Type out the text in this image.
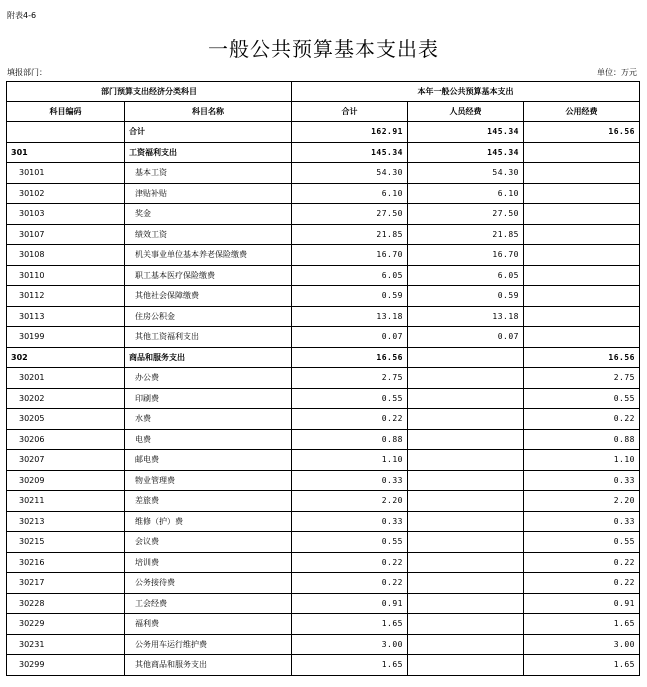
附表4-6
一般公共预算基本支出表
填报部门：	单位：万元
部门预算支出经济分类科目		本年一般公共预算基本支出		
科目编码	科目名称	合计	人员经费	公用经费
	合计	162.91	145.34	16.56
301	工资福利支出	145.34	145.34	
30101	基本工资	54.30	54.30	
30102	津贴补贴	6.10	6.10	
30103	奖金	27.50	27.50	
30107	绩效工资	21.85	21.85	
30108	机关事业单位基本养老保险缴费	16.70	16.70	
30110	职工基本医疗保险缴费	6.05	6.05	
30112	其他社会保障缴费	0.59	0.59	
30113	住房公积金	13.18	13.18	
30199	其他工资福利支出	0.07	0.07	
302	商品和服务支出	16.56		16.56
30201	办公费	2.75		2.75
30202	印刷费	0.55		0.55
30205	水费	0.22		0.22
30206	电费	0.88		0.88
30207	邮电费	1.10		1.10
30209	物业管理费	0.33		0.33
30211	差旅费	2.20		2.20
30213	维修（护）费	0.33		0.33
30215	会议费	0.55		0.55
30216	培训费	0.22		0.22
30217	公务接待费	0.22		0.22
30228	工会经费	0.91		0.91
30229	福利费	1.65		1.65
30231	公务用车运行维护费	3.00		3.00
30299	其他商品和服务支出	1.65		1.65
